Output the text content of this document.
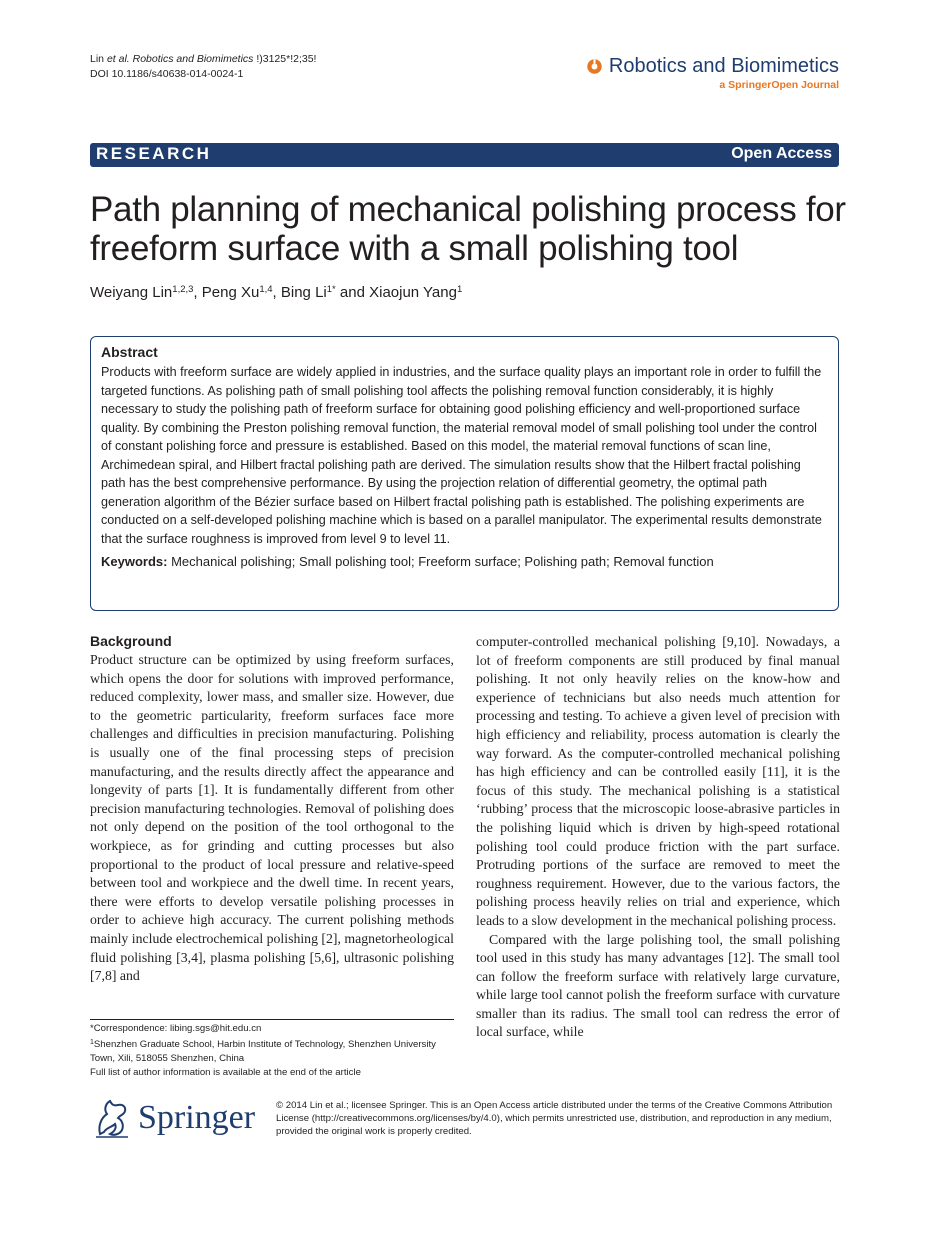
Lin et al. Robotics and Biomimetics !)3125*!2;35!
DOI 10.1186/s40638-014-0024-1	Robotics and Biomimetics
a SpringerOpen Journal
RESEARCH	Open Access
Path planning of mechanical polishing process for freeform surface with a small polishing tool
Weiyang Lin$^{1,2,3}$, Peng Xu$^{1,4}$, Bing $Li^{1*}$ and Xiaojun Yang$^1$
Abstract

Products with freeform surface are widely applied in industries, and the surface quality plays an important role in order to fulfill the targeted functions. As polishing path of small polishing tool affects the polishing removal function considerably, it is highly necessary to study the polishing path of freeform surface for obtaining good polishing efficiency and well-proportioned surface quality. By combining the Preston polishing removal function, the material removal model of small polishing tool under the control of constant polishing force and pressure is established. Based on this model, the material removal functions of scan line, Archimedean spiral, and Hilbert fractal polishing path are derived. The simulation results show that the Hilbert fractal polishing path has the best comprehensive performance. By using the projection relation of differential geometry, the optimal path generation algorithm of the Bézier surface based on Hilbert fractal polishing path is established. The polishing experiments are conducted on a self-developed polishing machine which is based on a parallel manipulator. The experimental results demonstrate that the surface roughness is improved from level 9 to level 11.

Keywords: Mechanical polishing; Small polishing tool; Freeform surface; Polishing path; Removal function
Background

Product structure can be optimized by using freeform surfaces, which opens the door for solutions with improved performance, reduced complexity, lower mass, and smaller size. However, due to the geometric particularity, freeform surfaces face more challenges and difficulties in precision manufacturing. Polishing is usually one of the final processing steps of precision manufacturing, and the results directly affect the appearance and longevity of parts [1]. It is fundamentally different from other precision manufacturing technologies. Removal of polishing does not only depend on the position of the tool orthogonal to the workpiece, as for grinding and cutting processes but also proportional to the product of local pressure and relative-speed between tool and workpiece and the dwell time. In recent years, there were efforts to develop versatile polishing processes in order to achieve high accuracy. The current polishing methods mainly include electrochemical polishing [2], magnetorheological fluid polishing [3,4], plasma polishing [5,6], ultrasonic polishing [7,8] and

computer-controlled mechanical polishing [9,10]. Nowadays, a lot of freeform components are still produced by final manual polishing. It not only heavily relies on the know-how and experience of technicians but also needs much attention for processing and testing. To achieve a given level of precision with high efficiency and reliability, process automation is clearly the way forward. As the computer-controlled mechanical polishing has high efficiency and can be controlled easily [11], it is the focus of this study. The mechanical polishing is a statistical ‘rubbing’ process that the microscopic loose-abrasive particles in the polishing liquid which is driven by high-speed rotational polishing tool could produce friction with the part surface. Protruding portions of the surface are removed to meet the roughness requirement. However, due to the various factors, the polishing process heavily relies on trial and experience, which leads to a slow development in the mechanical polishing process.

Compared with the large polishing tool, the small polishing tool used in this study has many advantages [12]. The small tool can follow the freeform surface with relatively large curvature, while large tool cannot polish the freeform surface with curvature smaller than its radius. The small tool can redress the error of local surface, while

*Correspondence: libing.sgs@hit.edu.cn
$^1$Shenzhen Graduate School, Harbin Institute of Technology, Shenzhen University Town, Xili, 518055 Shenzhen, China
Full list of author information is available at the end of the article
Springer © 2014 Lin et al.; licensee Springer. This is an Open Access article distributed under the terms of the Creative Commons Attribution License (http://creativecommons.org/licenses/by/4.0), which permits unrestricted use, distribution, and reproduction in any medium, provided the original work is properly credited.
